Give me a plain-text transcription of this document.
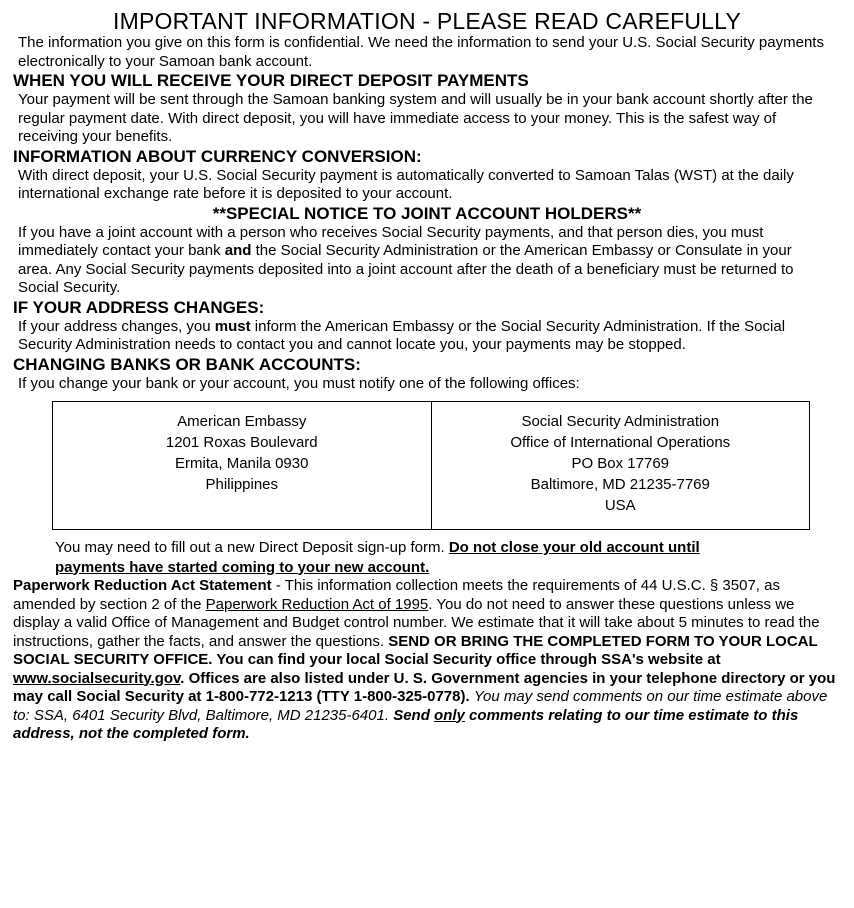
IMPORTANT INFORMATION - PLEASE READ CAREFULLY

The information you give on this form is confidential. We need the information to send your U.S. Social Security payments electronically to your Samoan bank account.

WHEN YOU WILL RECEIVE YOUR DIRECT DEPOSIT PAYMENTS

Your payment will be sent through the Samoan banking system and will usually be in your bank account shortly after the regular payment date. With direct deposit, you will have immediate access to your money. This is the safest way of receiving your benefits.

INFORMATION ABOUT CURRENCY CONVERSION:

With direct deposit, your U.S. Social Security payment is automatically converted to Samoan Talas (WST) at the daily international exchange rate before it is deposited to your account.

**SPECIAL NOTICE TO JOINT ACCOUNT HOLDERS**

If you have a joint account with a person who receives Social Security payments, and that person dies, you must immediately contact your bank and the Social Security Administration or the American Embassy or Consulate in your area. Any Social Security payments deposited into a joint account after the death of a beneficiary must be returned to Social Security.

IF YOUR ADDRESS CHANGES:

If your address changes, you must inform the American Embassy or the Social Security Administration. If the Social Security Administration needs to contact you and cannot locate you, your payments may be stopped.

CHANGING BANKS OR BANK ACCOUNTS:

If you change your bank or your account, you must notify one of the following offices:

American Embassy
1201 Roxas Boulevard
Ermita, Manila 0930
Philippines

Social Security Administration
Office of International Operations
PO Box 17769
Baltimore, MD 21235-7769
USA

You may need to fill out a new Direct Deposit sign-up form. Do not close your old account until payments have started coming to your new account.

Paperwork Reduction Act Statement - This information collection meets the requirements of 44 U.S.C. § 3507, as amended by section 2 of the Paperwork Reduction Act of 1995. You do not need to answer these questions unless we display a valid Office of Management and Budget control number. We estimate that it will take about 5 minutes to read the instructions, gather the facts, and answer the questions. SEND OR BRING THE COMPLETED FORM TO YOUR LOCAL SOCIAL SECURITY OFFICE. You can find your local Social Security office through SSA's website at www.socialsecurity.gov. Offices are also listed under U. S. Government agencies in your telephone directory or you may call Social Security at 1-800-772-1213 (TTY 1-800-325-0778). You may send comments on our time estimate above to: SSA, 6401 Security Blvd, Baltimore, MD 21235-6401. Send only comments relating to our time estimate to this address, not the completed form.
